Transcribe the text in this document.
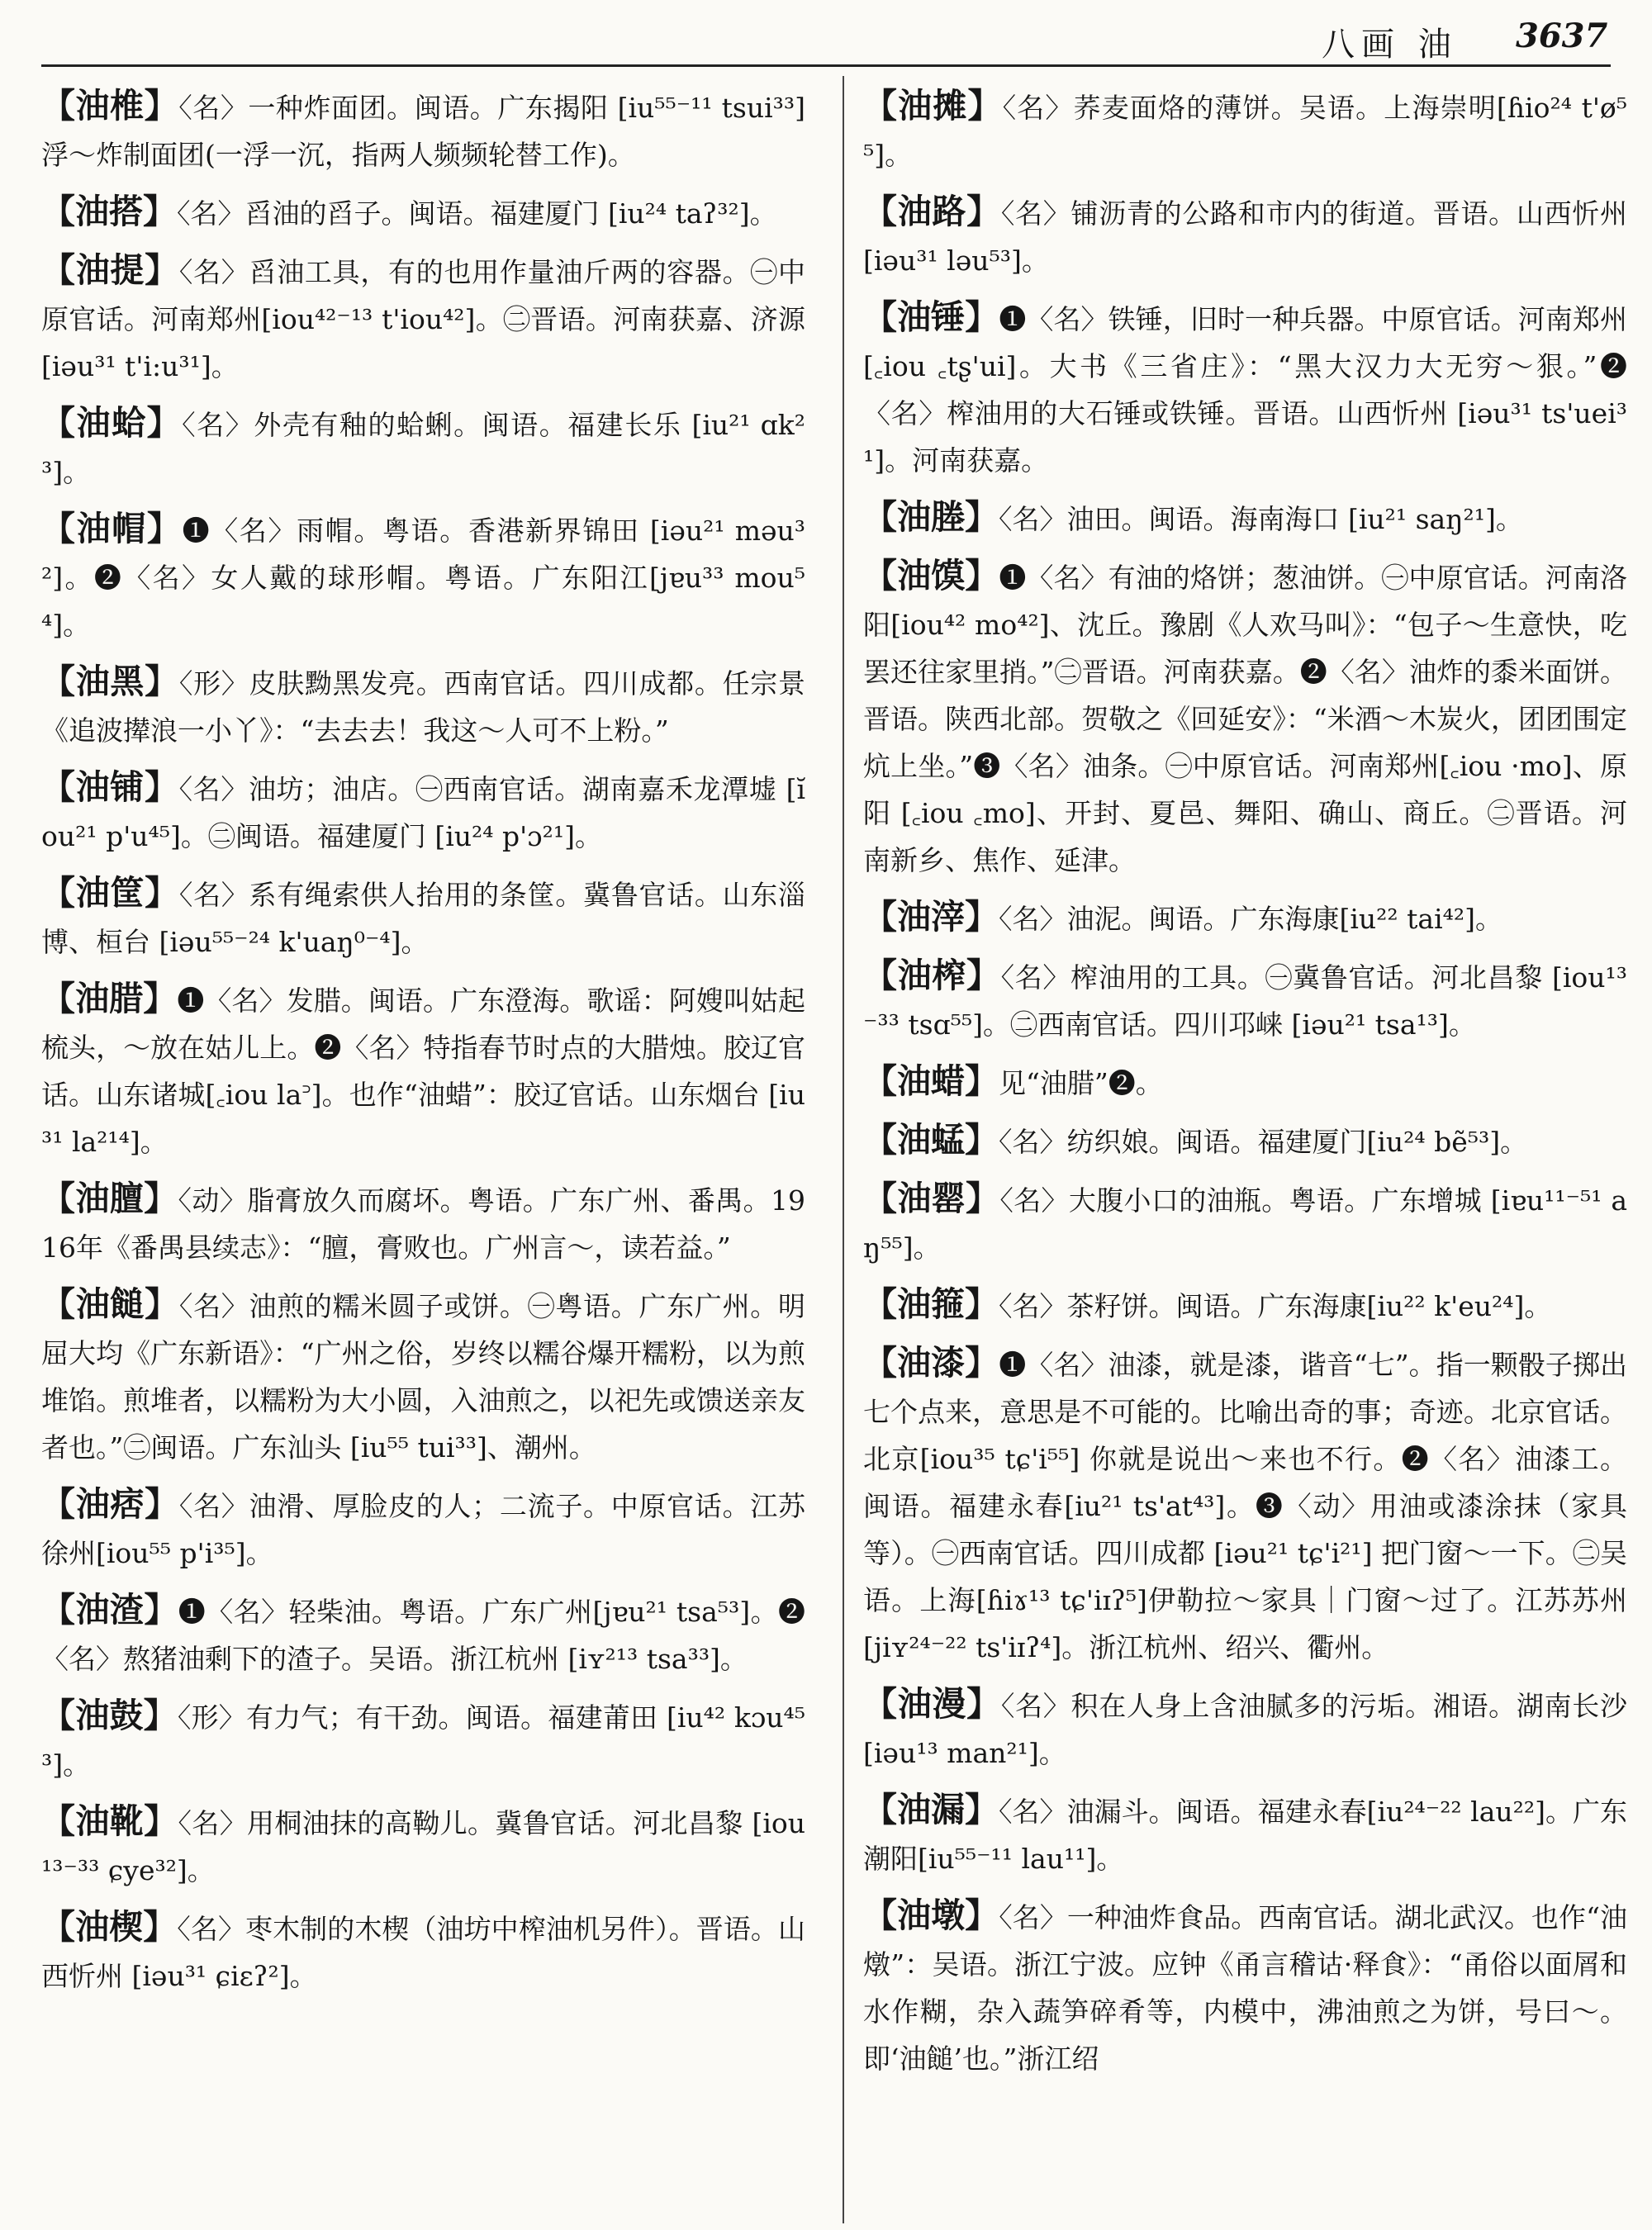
八画 油 3637

【油椎】〈名〉一种炸面团。闽语。广东揭阳 [iu⁵⁵⁻¹¹ tsui³³] 浮～炸制面团(一浮一沉，指两人频频轮替工作)。

【油搭】〈名〉舀油的舀子。闽语。福建厦门 [iu²⁴ taʔ³²]。

【油提】〈名〉舀油工具，有的也用作量油斤两的容器。㊀中原官话。河南郑州[iou⁴²⁻¹³ t'iou⁴²]。㊁晋语。河南获嘉、济源[iəu³¹ t'i:u³¹]。

【油蛤】〈名〉外壳有釉的蛤蜊。闽语。福建长乐 [iu²¹ ɑk²³]。

【油帽】❶〈名〉雨帽。粤语。香港新界锦田 [iəu²¹ məu³²]。❷〈名〉女人戴的球形帽。粤语。广东阳江[jɐu³³ mou⁵⁴]。

【油黑】〈形〉皮肤黝黑发亮。西南官话。四川成都。任宗景《追波撵浪一小丫》：“去去去！我这～人可不上粉。”

【油铺】〈名〉油坊；油店。㊀西南官话。湖南嘉禾龙潭墟 [ĭou²¹ p'u⁴⁵]。㊁闽语。福建厦门 [iu²⁴ p'ɔ²¹]。

【油筐】〈名〉系有绳索供人抬用的条筐。冀鲁官话。山东淄博、桓台 [iəu⁵⁵⁻²⁴ k'uaŋ⁰⁻⁴]。

【油腊】❶〈名〉发腊。闽语。广东澄海。歌谣：阿嫂叫姑起梳头，～放在姑儿上。❷〈名〉特指春节时点的大腊烛。胶辽官话。山东诸城[꜀iou la꜄]。也作“油蜡”：胶辽官话。山东烟台 [iu³¹ la²¹⁴]。

【油膻】〈动〉脂膏放久而腐坏。粤语。广东广州、番禺。1916年《番禺县续志》：“膻，膏败也。广州言～，读若益。”

【油䭔】〈名〉油煎的糯米圆子或饼。㊀粤语。广东广州。明屈大均《广东新语》：“广州之俗，岁终以糯谷爆开糯粉，以为煎堆馅。煎堆者，以糯粉为大小圆，入油煎之，以祀先或馈送亲友者也。”㊁闽语。广东汕头 [iu⁵⁵ tui³³]、潮州。

【油痞】〈名〉油滑、厚脸皮的人；二流子。中原官话。江苏徐州[iou⁵⁵ p'i³⁵]。

【油渣】❶〈名〉轻柴油。粤语。广东广州[jɐu²¹ tsa⁵³]。❷〈名〉熬猪油剩下的渣子。吴语。浙江杭州 [iʏ²¹³ tsa³³]。

【油鼓】〈形〉有力气；有干劲。闽语。福建莆田 [iu⁴² kɔu⁴⁵³]。

【油靴】〈名〉用桐油抹的高靿儿。冀鲁官话。河北昌黎 [iou¹³⁻³³ ɕye³²]。

【油楔】〈名〉枣木制的木楔（油坊中榨油机另件）。晋语。山西忻州 [iəu³¹ ɕiɛʔ²]。

【油摊】〈名〉荞麦面烙的薄饼。吴语。上海崇明[ɦio²⁴ t'ø⁵⁵]。

【油路】〈名〉铺沥青的公路和市内的街道。晋语。山西忻州 [iəu³¹ ləu⁵³]。

【油锤】❶〈名〉铁锤，旧时一种兵器。中原官话。河南郑州[꜀iou ꜀tʂ'ui]。大书《三省庄》：“黑大汉力大无穷～狠。”❷〈名〉榨油用的大石锤或铁锤。晋语。山西忻州 [iəu³¹ ts'uei³¹]。河南获嘉。

【油塍】〈名〉油田。闽语。海南海口 [iu²¹ saŋ²¹]。

【油馍】❶〈名〉有油的烙饼；葱油饼。㊀中原官话。河南洛阳[iou⁴² mo⁴²]、沈丘。豫剧《人欢马叫》：“包子～生意快，吃罢还往家里捎。”㊁晋语。河南获嘉。❷〈名〉油炸的黍米面饼。晋语。陕西北部。贺敬之《回延安》：“米酒～木炭火，团团围定炕上坐。”❸〈名〉油条。㊀中原官话。河南郑州[꜀iou ·mo]、原阳 [꜀iou ꜀mo]、开封、夏邑、舞阳、确山、商丘。㊁晋语。河南新乡、焦作、延津。

【油滓】〈名〉油泥。闽语。广东海康[iu²² tai⁴²]。

【油榨】〈名〉榨油用的工具。㊀冀鲁官话。河北昌黎 [iou¹³⁻³³ tsɑ⁵⁵]。㊁西南官话。四川邛崃 [iəu²¹ tsa¹³]。

【油蜡】见“油腊”❷。

【油蜢】〈名〉纺织娘。闽语。福建厦门[iu²⁴ bẽ⁵³]。

【油罂】〈名〉大腹小口的油瓶。粤语。广东增城 [iɐu¹¹⁻⁵¹ aŋ⁵⁵]。

【油箍】〈名〉茶籽饼。闽语。广东海康[iu²² k'eu²⁴]。

【油漆】❶〈名〉油漆，就是漆，谐音“七”。指一颗骰子掷出七个点来，意思是不可能的。比喻出奇的事；奇迹。北京官话。北京[iou³⁵ tɕ'i⁵⁵] 你就是说出～来也不行。❷〈名〉油漆工。闽语。福建永春[iu²¹ ts'at⁴³]。❸〈动〉用油或漆涂抹（家具等）。㊀西南官话。四川成都 [iəu²¹ tɕ'i²¹] 把门窗～一下。㊁吴语。上海[ɦiɤ¹³ tɕ'iɪʔ⁵]伊勒拉～家具｜门窗～过了。江苏苏州 [jiʏ²⁴⁻²² ts'iɪʔ⁴]。浙江杭州、绍兴、衢州。

【油漫】〈名〉积在人身上含油腻多的污垢。湘语。湖南长沙[iəu¹³ man²¹]。

【油漏】〈名〉油漏斗。闽语。福建永春[iu²⁴⁻²² lau²²]。广东潮阳[iu⁵⁵⁻¹¹ lau¹¹]。

【油墩】〈名〉一种油炸食品。西南官话。湖北武汉。也作“油燉”：吴语。浙江宁波。应钟《甬言稽诂·释食》：“甬俗以面屑和水作糊，杂入蔬笋碎肴等，内模中，沸油煎之为饼，号曰～。即‘油䭔’也。”浙江绍
